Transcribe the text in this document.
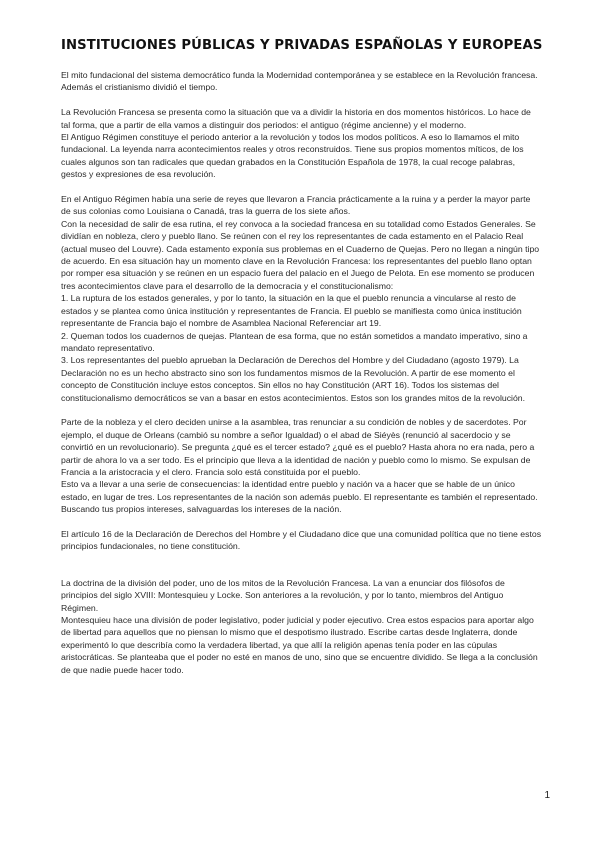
INSTITUCIONES PÚBLICAS Y PRIVADAS ESPAÑOLAS Y EUROPEAS

El mito fundacional del sistema democrático funda la Modernidad contemporánea y se establece en la Revolución francesa. Además el cristianismo dividió el tiempo.

La Revolución Francesa se presenta como la situación que va a dividir la historia en dos momentos históricos. Lo hace de tal forma, que a partir de ella vamos a distinguir dos periodos: el antiguo (régime ancienne) y el moderno.

El Antiguo Régimen constituye el periodo anterior a la revolución y todos los modos políticos. A eso lo llamamos el mito fundacional. La leyenda narra acontecimientos reales y otros reconstruidos. Tiene sus propios momentos míticos, de los cuales algunos son tan radicales que quedan grabados en la Constitución Española de 1978, la cual recoge palabras, gestos y expresiones de esa revolución.

En el Antiguo Régimen había una serie de reyes que llevaron a Francia prácticamente a la ruina y a perder la mayor parte de sus colonias como Louisiana o Canadá, tras la guerra de los siete años.

Con la necesidad de salir de esa rutina, el rey convoca a la sociedad francesa en su totalidad como Estados Generales. Se dividían en nobleza, clero y pueblo llano. Se reúnen con el rey los representantes de cada estamento en el Palacio Real (actual museo del Louvre). Cada estamento exponía sus problemas en el Cuaderno de Quejas. Pero no llegan a ningún tipo de acuerdo. En esa situación hay un momento clave en la Revolución Francesa: los representantes del pueblo llano optan por romper esa situación y se reúnen en un espacio fuera del palacio en el Juego de Pelota. En ese momento se producen tres acontecimientos clave para el desarrollo de la democracia y el constitucionalismo:

1. La ruptura de los estados generales, y por lo tanto, la situación en la que el pueblo renuncia a vincularse al resto de estados y se plantea como única institución y representantes de Francia. El pueblo se manifiesta como única institución representante de Francia bajo el nombre de Asamblea Nacional Referenciar art 19.

2. Queman todos los cuadernos de quejas. Plantean de esa forma, que no están sometidos a mandato imperativo, sino a mandato representativo.

3. Los representantes del pueblo aprueban la Declaración de Derechos del Hombre y del Ciudadano (agosto 1979). La Declaración no es un hecho abstracto sino son los fundamentos mismos de la Revolución. A partir de ese momento el concepto de Constitución incluye estos conceptos. Sin ellos no hay Constitución (ART 16). Todos los sistemas del constitucionalismo democráticos se van a basar en estos acontecimientos. Estos son los grandes mitos de la revolución.

Parte de la nobleza y el clero deciden unirse a la asamblea, tras renunciar a su condición de nobles y de sacerdotes. Por ejemplo, el duque de Orleans (cambió su nombre a señor Igualdad) o el abad de Siéyès (renunció al sacerdocio y se convirtió en un revolucionario). Se pregunta ¿qué es el tercer estado? ¿qué es el pueblo? Hasta ahora no era nada, pero a partir de ahora lo va a ser todo. Es el principio que lleva a la identidad de nación y pueblo como lo mismo. Se expulsan de Francia a la aristocracia y el clero. Francia solo está constituida por el pueblo.

Esto va a llevar a una serie de consecuencias: la identidad entre pueblo y nación va a hacer que se hable de un único estado, en lugar de tres. Los representantes de la nación son además pueblo. El representante es también el representado. Buscando tus propios intereses, salvaguardas los intereses de la nación.

El artículo 16 de la Declaración de Derechos del Hombre y el Ciudadano dice que una comunidad política que no tiene estos principios fundacionales, no tiene constitución.

La doctrina de la división del poder, uno de los mitos de la Revolución Francesa. La van a enunciar dos filósofos de principios del siglo XVIII: Montesquieu y Locke. Son anteriores a la revolución, y por lo tanto, miembros del Antiguo Régimen.

Montesquieu hace una división de poder legislativo, poder judicial y poder ejecutivo. Crea estos espacios para aportar algo de libertad para aquellos que no piensan lo mismo que el despotismo ilustrado. Escribe cartas desde Inglaterra, donde experimentó lo que describía como la verdadera libertad, ya que allí la religión apenas tenía poder en las cúpulas aristocráticas. Se planteaba que el poder no esté en manos de uno, sino que se encuentre dividido. Se llega a la conclusión de que nadie puede hacer todo.

1
